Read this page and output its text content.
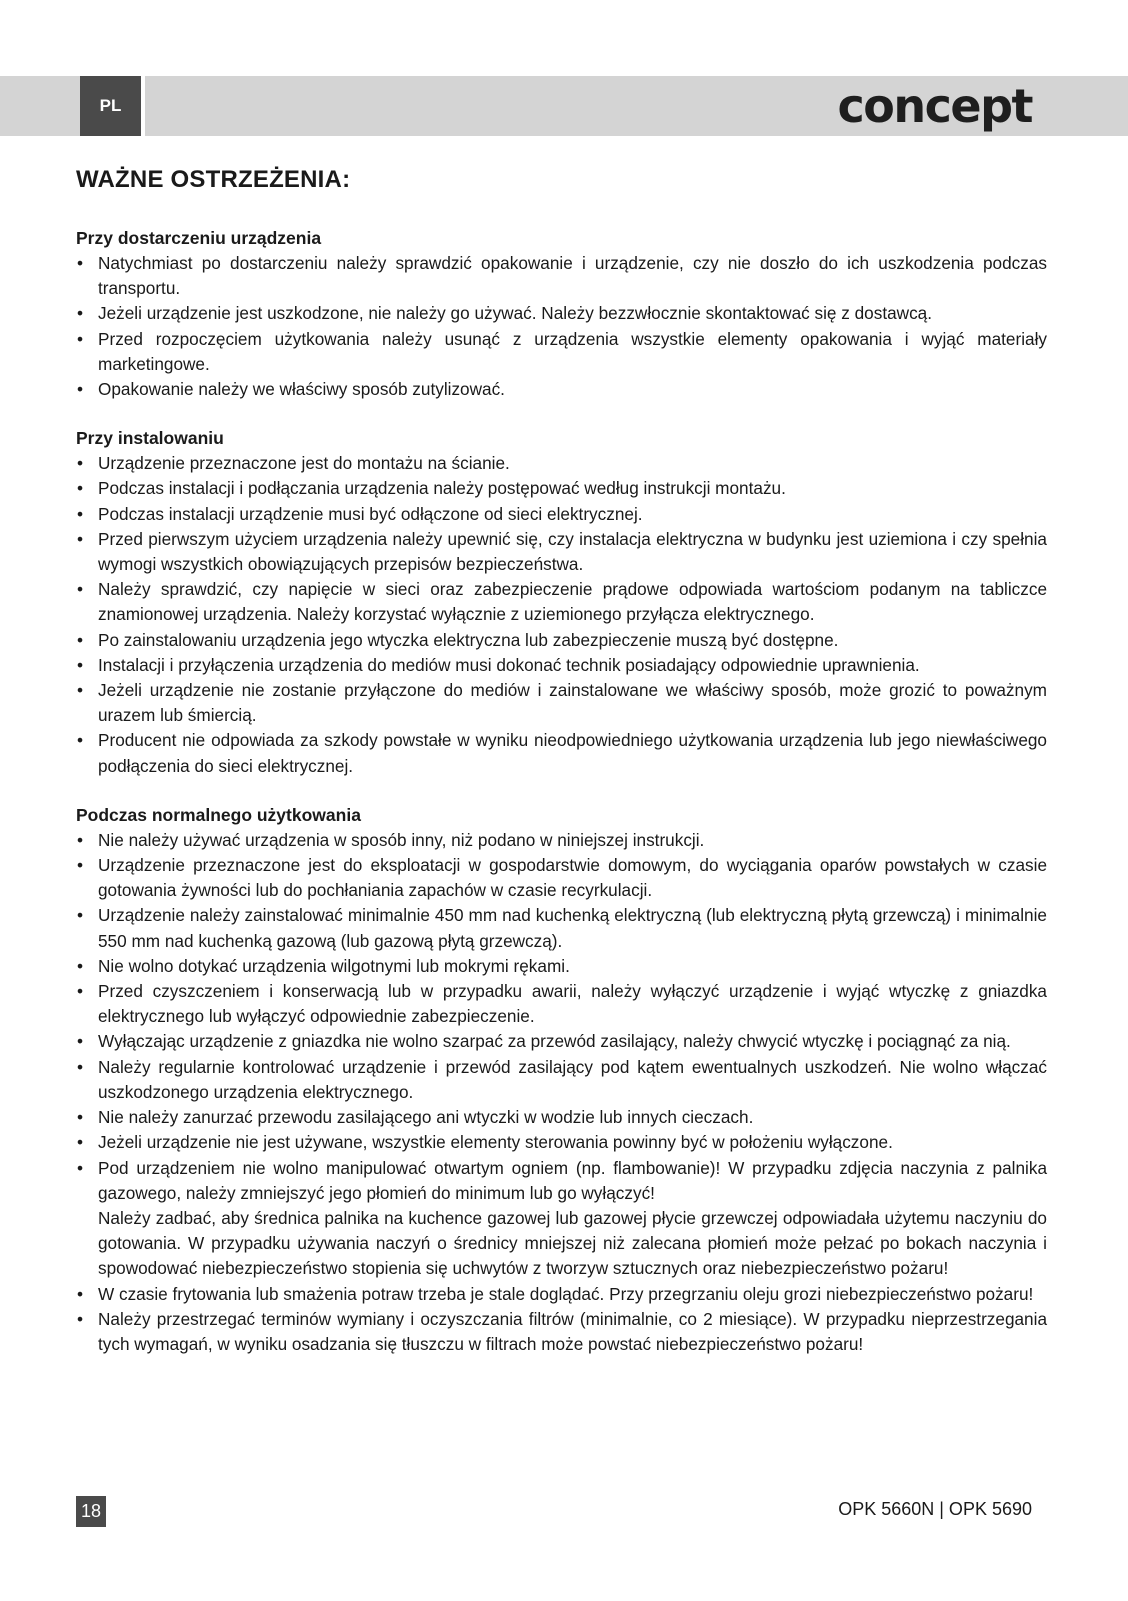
PL	concept
WAŻNE OSTRZEŻENIA:
Przy dostarczeniu urządzenia
• Natychmiast po dostarczeniu należy sprawdzić opakowanie i urządzenie, czy nie doszło do ich uszkodzenia podczas transportu.
• Jeżeli urządzenie jest uszkodzone, nie należy go używać. Należy bezzwłocznie skontaktować się z dostawcą.
• Przed rozpoczęciem użytkowania należy usunąć z urządzenia wszystkie elementy opakowania i wyjąć materiały marketingowe.
• Opakowanie należy we właściwy sposób zutylizować.
Przy instalowaniu
• Urządzenie przeznaczone jest do montażu na ścianie.
• Podczas instalacji i podłączania urządzenia należy postępować według instrukcji montażu.
• Podczas instalacji urządzenie musi być odłączone od sieci elektrycznej.
• Przed pierwszym użyciem urządzenia należy upewnić się, czy instalacja elektryczna w budynku jest uziemiona i czy spełnia wymogi wszystkich obowiązujących przepisów bezpieczeństwa.
• Należy sprawdzić, czy napięcie w sieci oraz zabezpieczenie prądowe odpowiada wartościom podanym na tabliczce znamionowej urządzenia. Należy korzystać wyłącznie z uziemionego przyłącza elektrycznego.
• Po zainstalowaniu urządzenia jego wtyczka elektryczna lub zabezpieczenie muszą być dostępne.
• Instalacji i przyłączenia urządzenia do mediów musi dokonać technik posiadający odpowiednie uprawnienia.
• Jeżeli urządzenie nie zostanie przyłączone do mediów i zainstalowane we właściwy sposób, może grozić to poważnym urazem lub śmiercią.
• Producent nie odpowiada za szkody powstałe w wyniku nieodpowiedniego użytkowania urządzenia lub jego niewłaściwego podłączenia do sieci elektrycznej.
Podczas normalnego użytkowania
• Nie należy używać urządzenia w sposób inny, niż podano w niniejszej instrukcji.
• Urządzenie przeznaczone jest do eksploatacji w gospodarstwie domowym, do wyciągania oparów powstałych w czasie gotowania żywności lub do pochłaniania zapachów w czasie recyrkulacji.
• Urządzenie należy zainstalować minimalnie 450 mm nad kuchenką elektryczną (lub elektryczną płytą grzewczą) i minimalnie 550 mm nad kuchenką gazową (lub gazową płytą grzewczą).
• Nie wolno dotykać urządzenia wilgotnymi lub mokrymi rękami.
• Przed czyszczeniem i konserwacją lub w przypadku awarii, należy wyłączyć urządzenie i wyjąć wtyczkę z gniazdka elektrycznego lub wyłączyć odpowiednie zabezpieczenie.
• Wyłączając urządzenie z gniazdka nie wolno szarpać za przewód zasilający, należy chwycić wtyczkę i pociągnąć za nią.
• Należy regularnie kontrolować urządzenie i przewód zasilający pod kątem ewentualnych uszkodzeń. Nie wolno włączać uszkodzonego urządzenia elektrycznego.
• Nie należy zanurzać przewodu zasilającego ani wtyczki w wodzie lub innych cieczach.
• Jeżeli urządzenie nie jest używane, wszystkie elementy sterowania powinny być w położeniu wyłączone.
• Pod urządzeniem nie wolno manipulować otwartym ogniem (np. flambowanie)! W przypadku zdjęcia naczynia z palnika gazowego, należy zmniejszyć jego płomień do minimum lub go wyłączyć!
Należy zadbać, aby średnica palnika na kuchence gazowej lub gazowej płycie grzewczej odpowiadała użytemu naczyniu do gotowania. W przypadku używania naczyń o średnicy mniejszej niż zalecana płomień może pełzać po bokach naczynia i spowodować niebezpieczeństwo stopienia się uchwytów z tworzyw sztucznych oraz niebezpieczeństwo pożaru!
• W czasie frytowania lub smażenia potraw trzeba je stale doglądać. Przy przegrzaniu oleju grozi niebezpieczeństwo pożaru!
• Należy przestrzegać terminów wymiany i oczyszczania filtrów (minimalnie, co 2 miesiące). W przypadku nieprzestrzegania tych wymagań, w wyniku osadzania się tłuszczu w filtrach może powstać niebezpieczeństwo pożaru!
18	OPK 5660N | OPK 5690
